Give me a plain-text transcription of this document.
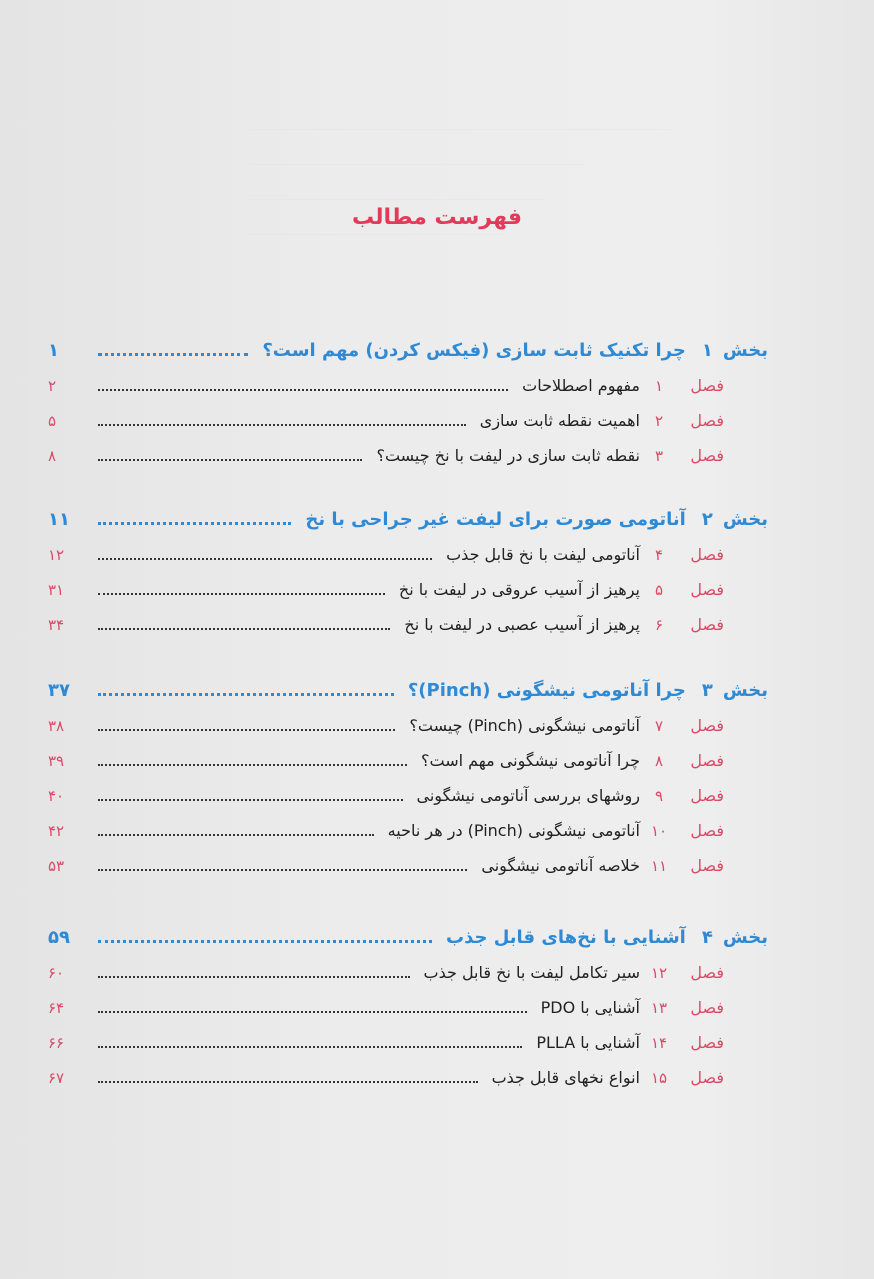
فهرست مطالب
بخش
۱
چرا تکنیک ثابت سازی (فیکس کردن) مهم است؟
۱
فصل
۱
مفهوم اصطلاحات
۲
فصل
۲
اهمیت نقطه ثابت سازی
۵
فصل
۳
نقطه ثابت سازی در لیفت با نخ چیست؟
۸
بخش
۲
آناتومی صورت برای لیفت غیر جراحی با نخ
۱۱
فصل
۴
آناتومی لیفت با نخ قابل جذب
۱۲
فصل
۵
پرهیز از آسیب عروقی در لیفت با نخ
۳۱
فصل
۶
پرهیز از آسیب عصبی در لیفت با نخ
۳۴
بخش
۳
چرا آناتومی نیشگونی (Pinch)؟
۳۷
فصل
۷
آناتومی نیشگونی (Pinch) چیست؟
۳۸
فصل
۸
چرا آناتومی نیشگونی مهم است؟
۳۹
فصل
۹
روشهای بررسی آناتومی نیشگونی
۴۰
فصل
۱۰
آناتومی نیشگونی (Pinch) در هر ناحیه
۴۲
فصل
۱۱
خلاصه آناتومی نیشگونی
۵۳
بخش
۴
آشنایی با نخ‌های قابل جذب
۵۹
فصل
۱۲
سیر تکامل لیفت با نخ قابل جذب
۶۰
فصل
۱۳
آشنایی با PDO
۶۴
فصل
۱۴
آشنایی با PLLA
۶۶
فصل
۱۵
انواع نخهای قابل جذب
۶۷
